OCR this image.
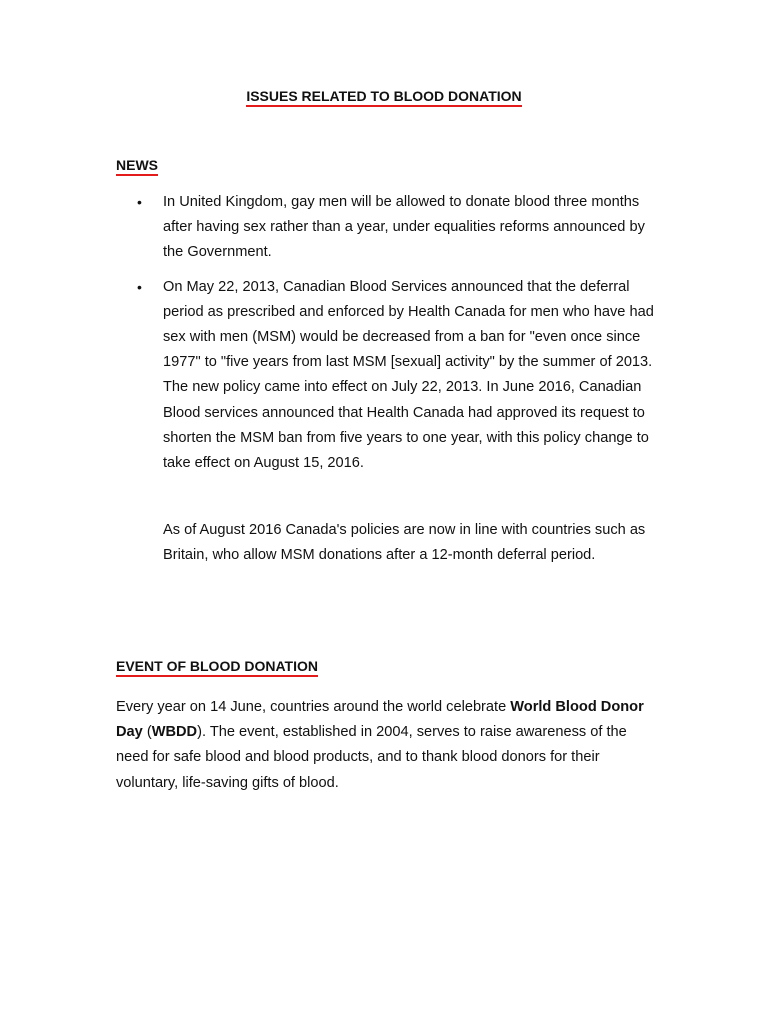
ISSUES RELATED TO BLOOD DONATION
NEWS
• In United Kingdom, gay men will be allowed to donate blood three months after having sex rather than a year, under equalities reforms announced by the Government.
• On May 22, 2013, Canadian Blood Services announced that the deferral period as prescribed and enforced by Health Canada for men who have had sex with men (MSM) would be decreased from a ban for "even once since 1977" to "five years from last MSM [sexual] activity" by the summer of 2013. The new policy came into effect on July 22, 2013. In June 2016, Canadian Blood services announced that Health Canada had approved its request to shorten the MSM ban from five years to one year, with this policy change to take effect on August 15, 2016.
As of August 2016 Canada's policies are now in line with countries such as Britain, who allow MSM donations after a 12-month deferral period.
EVENT OF BLOOD DONATION
Every year on 14 June, countries around the world celebrate World Blood Donor Day (WBDD). The event, established in 2004, serves to raise awareness of the need for safe blood and blood products, and to thank blood donors for their voluntary, life-saving gifts of blood.
